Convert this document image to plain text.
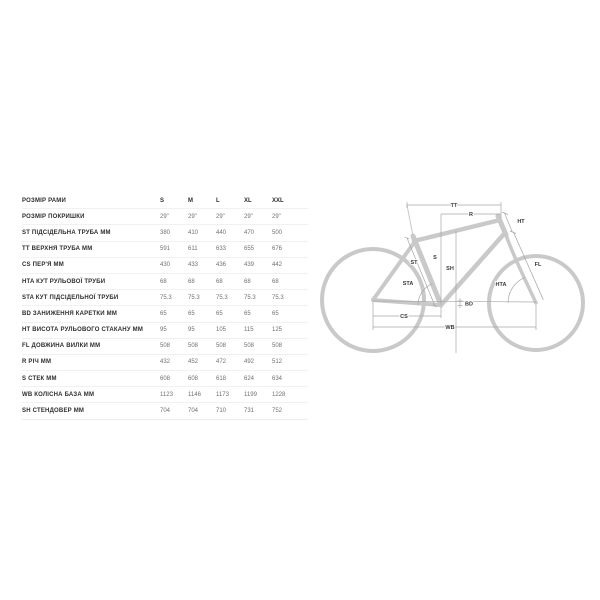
РОЗМІР РАМИ	S	M	L	XL	XXL
РОЗМІР ПОКРИШКИ	29"	29"	29"	29"	29"
ST ПІДСІДЕЛЬНА ТРУБА ММ	380	410	440	470	500
TT ВЕРХНЯ ТРУБА ММ	591	611	633	655	676
CS ПЕР'Я ММ	430	433	436	439	442
HTA КУТ РУЛЬОВОЇ ТРУБИ	68	68	68	68	68
STA КУТ ПІДСІДЕЛЬНОЇ ТРУБИ	75.3	75.3	75.3	75.3	75.3
BD ЗАНИЖЕННЯ КАРЕТКИ ММ	65	65	65	65	65
HT ВИСОТА РУЛЬОВОГО СТАКАНУ ММ	95	95	105	115	125
FL ДОВЖИНА ВИЛКИ ММ	508	508	508	508	508
R РІЧ ММ	432	452	472	492	512
S СТЕК ММ	608	608	618	624	634
WB КОЛІСНА БАЗА ММ	1123	1146	1173	1199	1228
SH СТЕНДОВЕР ММ	704	704	710	731	752
TT
R
HT
ST
S
SH
STA	HTA
FL
BD
CS
WB
